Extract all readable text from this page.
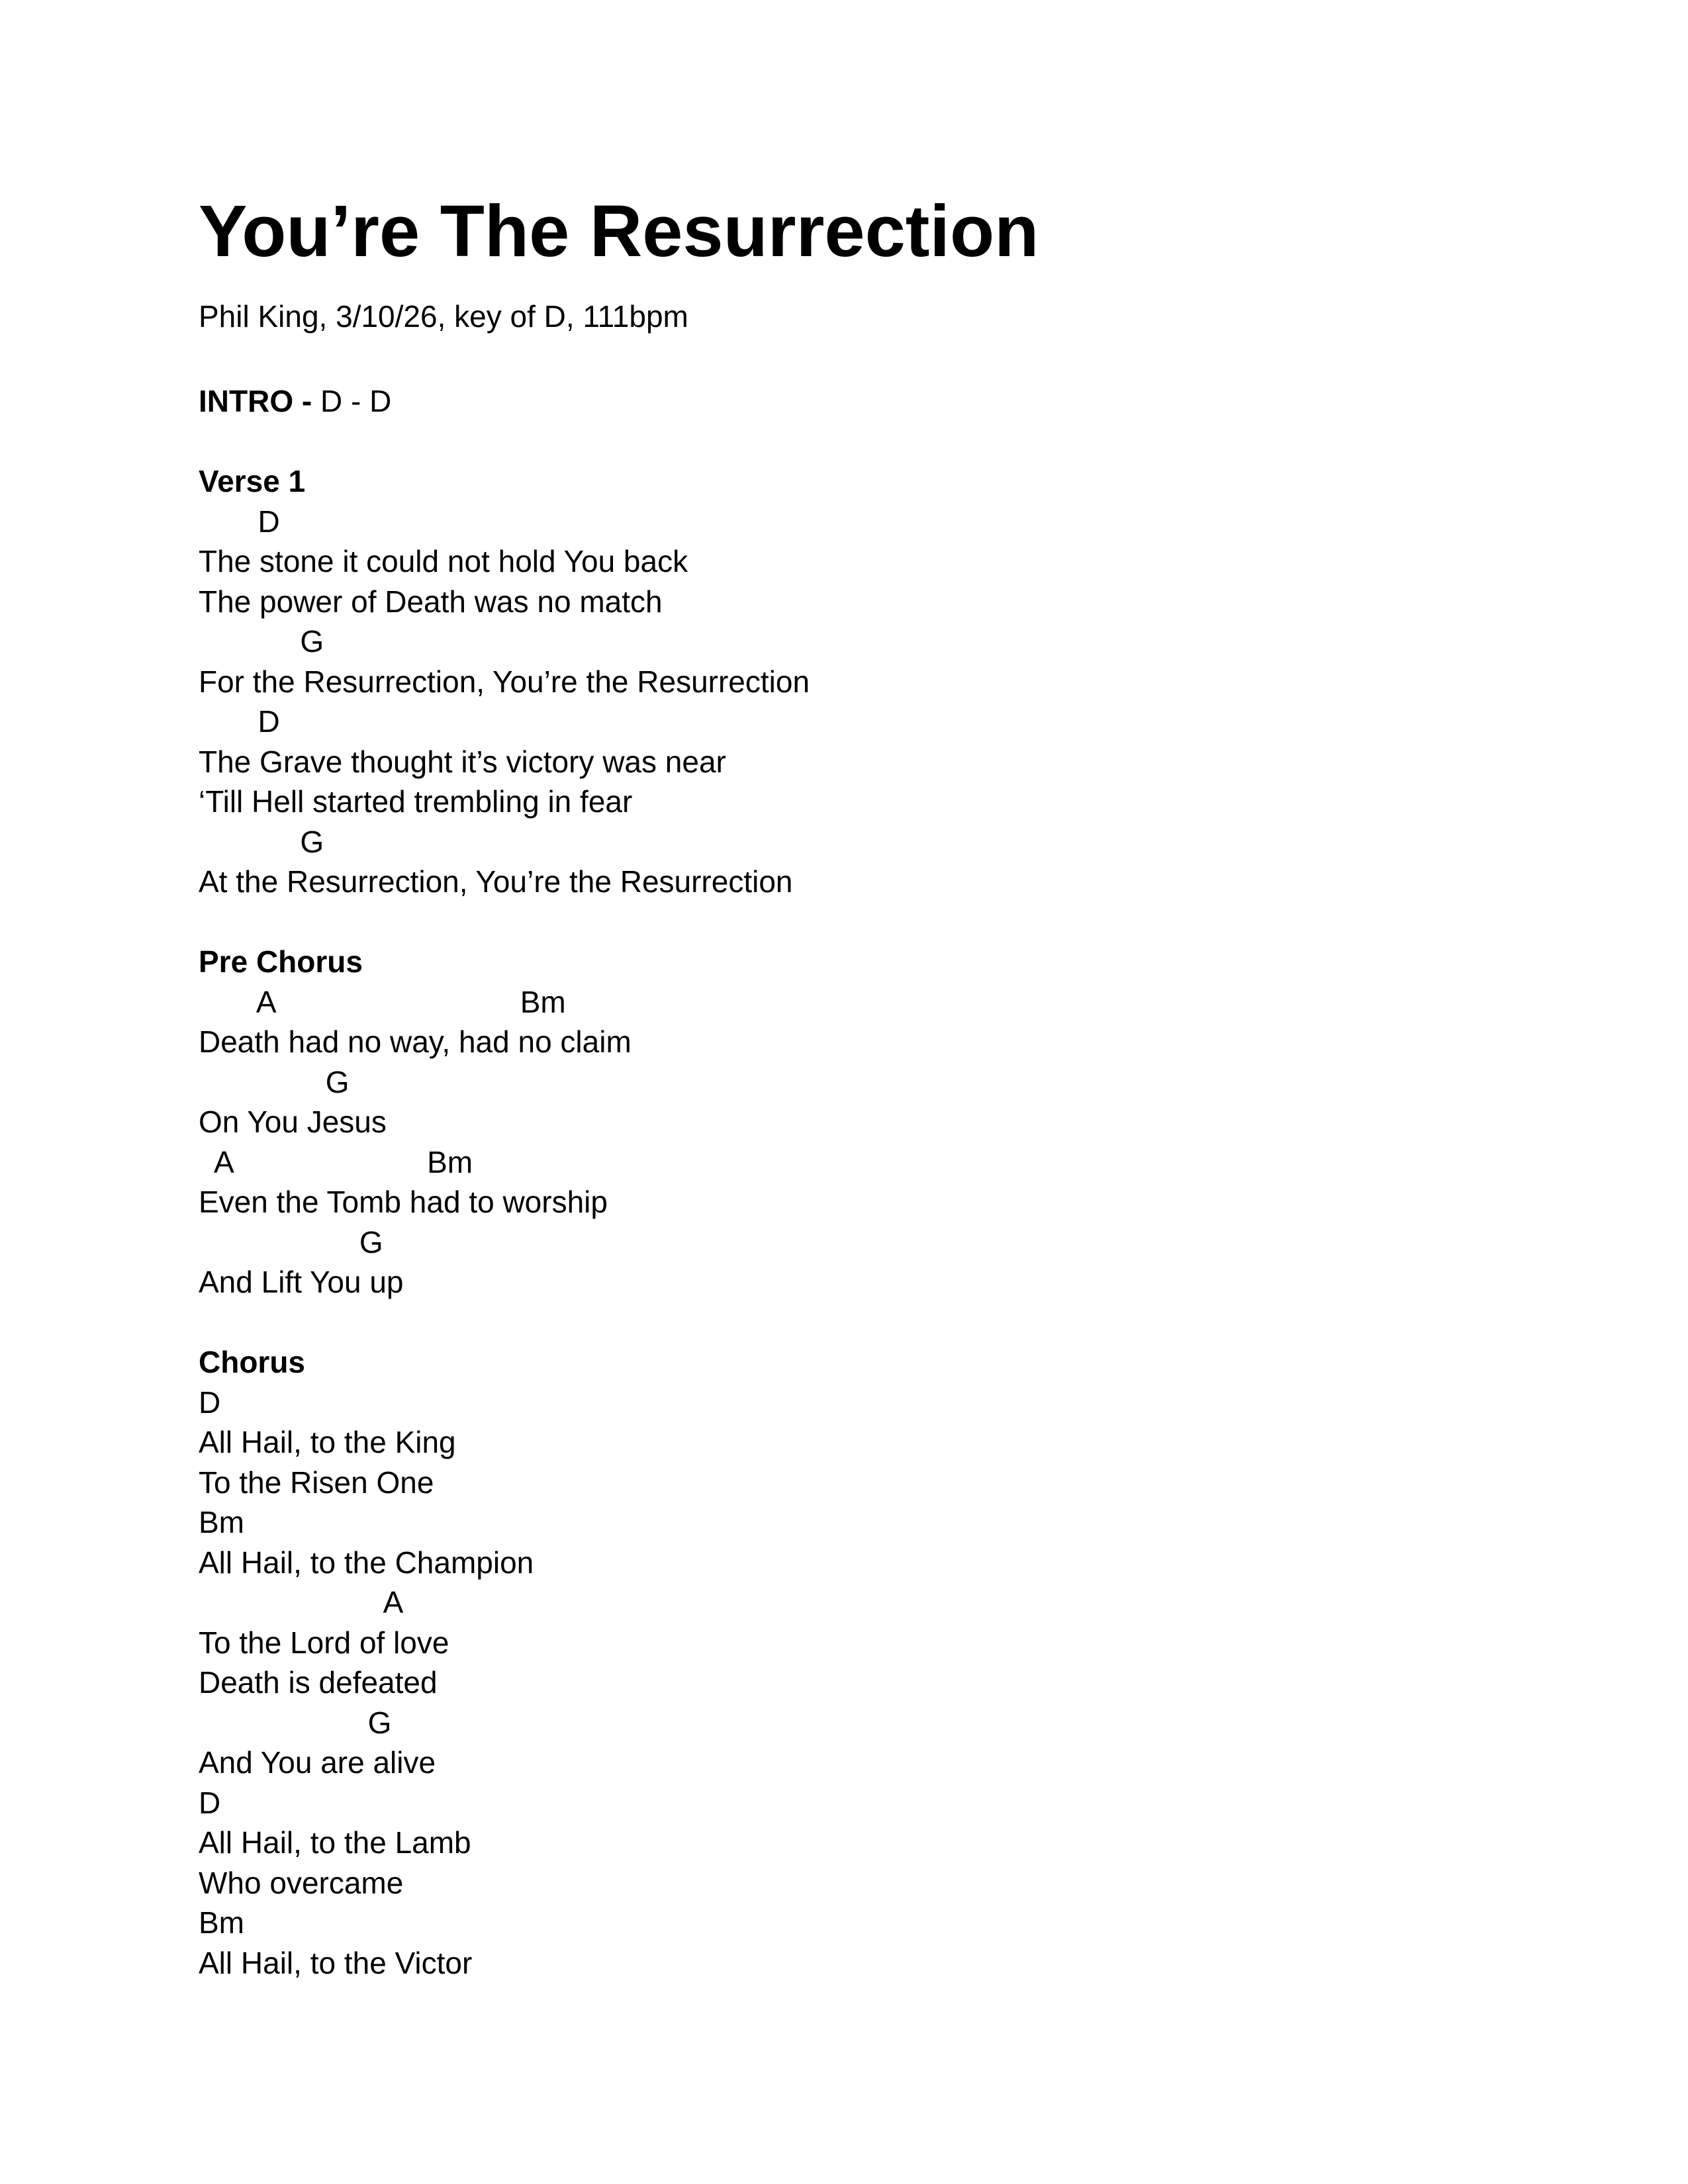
You’re The Resurrection
Phil King, 3/10/26, key of D, 111bpm
INTRO - D - D
Verse 1
D
The stone it could not hold You back
The power of Death was no match
G
For the Resurrection, You’re the Resurrection
D
The Grave thought it’s victory was near
‘Till Hell started trembling in fear
G
At the Resurrection, You’re the Resurrection
Pre Chorus
A                             Bm
Death had no way, had no claim
G
On You Jesus
A                       Bm
Even the Tomb had to worship
G
And Lift You up
Chorus
D
All Hail, to the King
To the Risen One
Bm
All Hail, to the Champion
A
To the Lord of love
Death is defeated
G
And You are alive
D
All Hail, to the Lamb
Who overcame
Bm
All Hail, to the Victor
